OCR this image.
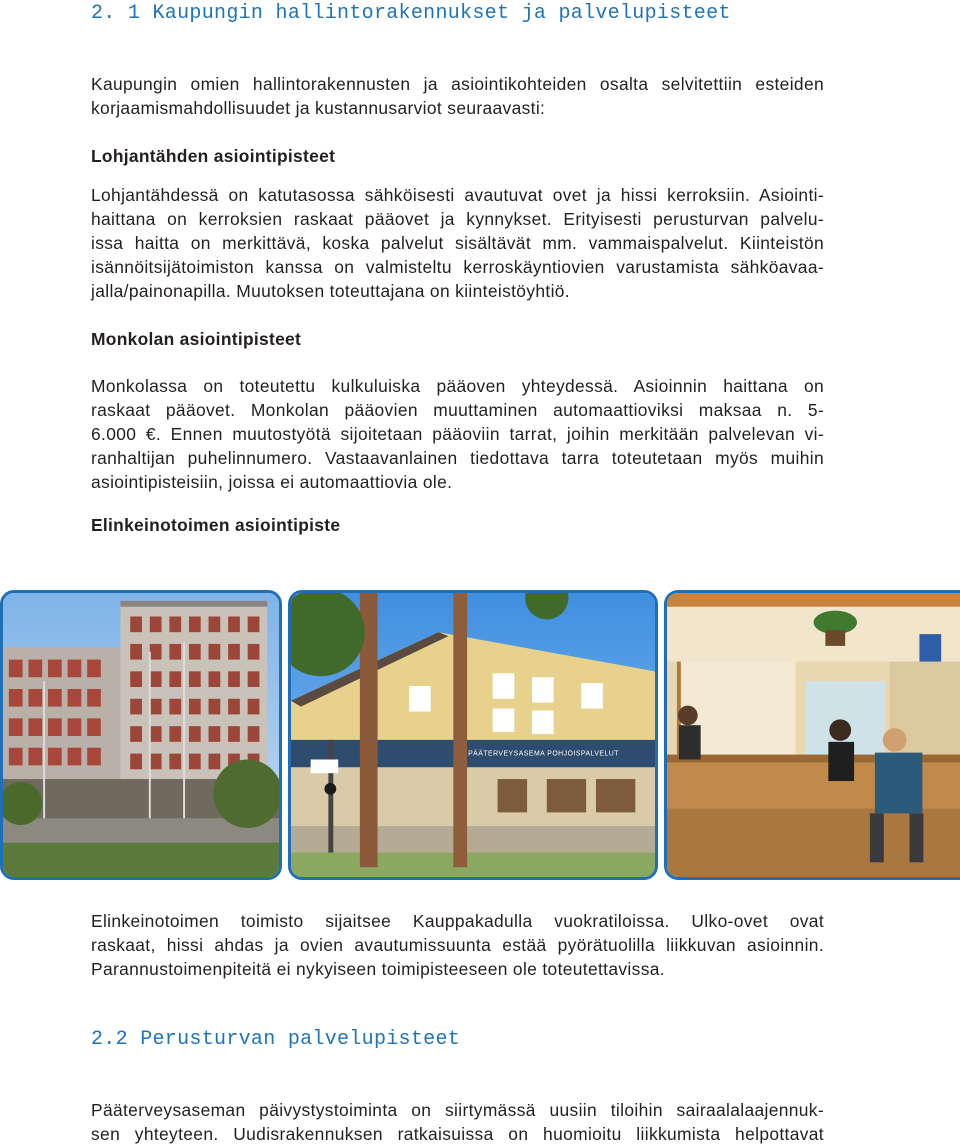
2. 1 Kaupungin hallintorakennukset ja palvelupisteet
Kaupungin omien hallintorakennusten ja asiointikohteiden osalta selvitettiin esteiden
korjaamismahdollisuudet ja kustannusarviot seuraavasti:
Lohjantähden asiointipisteet
Lohjantähdessä on katutasossa sähköisesti avautuvat ovet ja hissi kerroksiin. Asiointi-
haittana on kerroksien raskaat pääovet ja kynnykset. Erityisesti perusturvan palvelu-
issa haitta on merkittävä, koska palvelut sisältävät mm. vammaispalvelut. Kiinteistön
isännöitsijätoimiston kanssa on valmisteltu kerroskäyntiovien varustamista sähköavaa-
jalla/painonapilla. Muutoksen toteuttajana on kiinteistöyhtiö.
Monkolan asiointipisteet
Monkolassa on toteutettu kulkuluiska pääoven yhteydessä. Asioinnin haittana on
raskaat pääovet. Monkolan pääovien muuttaminen automaattioviksi maksaa n. 5-
6.000 €. Ennen muutostyötä sijoitetaan pääoviin tarrat, joihin merkitään palvelevan vi-
ranhaltijan puhelinnumero. Vastaavanlainen tiedottava tarra toteutetaan myös muihin
asiointipisteisiin, joissa ei automaattiovia ole.
Elinkeinotoimen asiointipiste
PÄÄTERVEYSASEMA POHJOISPALVELUT
Elinkeinotoimen toimisto sijaitsee Kauppakadulla vuokratiloissa. Ulko-ovet ovat
raskaat, hissi ahdas ja ovien avautumissuunta estää pyörätuolilla liikkuvan asioinnin.
Parannustoimenpiteitä ei nykyiseen toimipisteeseen ole toteutettavissa.
2.2 Perusturvan palvelupisteet
Pääterveysaseman päivystystoiminta on siirtymässä uusiin tiloihin sairaalalaajennuk-
sen yhteyteen. Uudisrakennuksen ratkaisuissa on huomioitu liikkumista helpottavat
